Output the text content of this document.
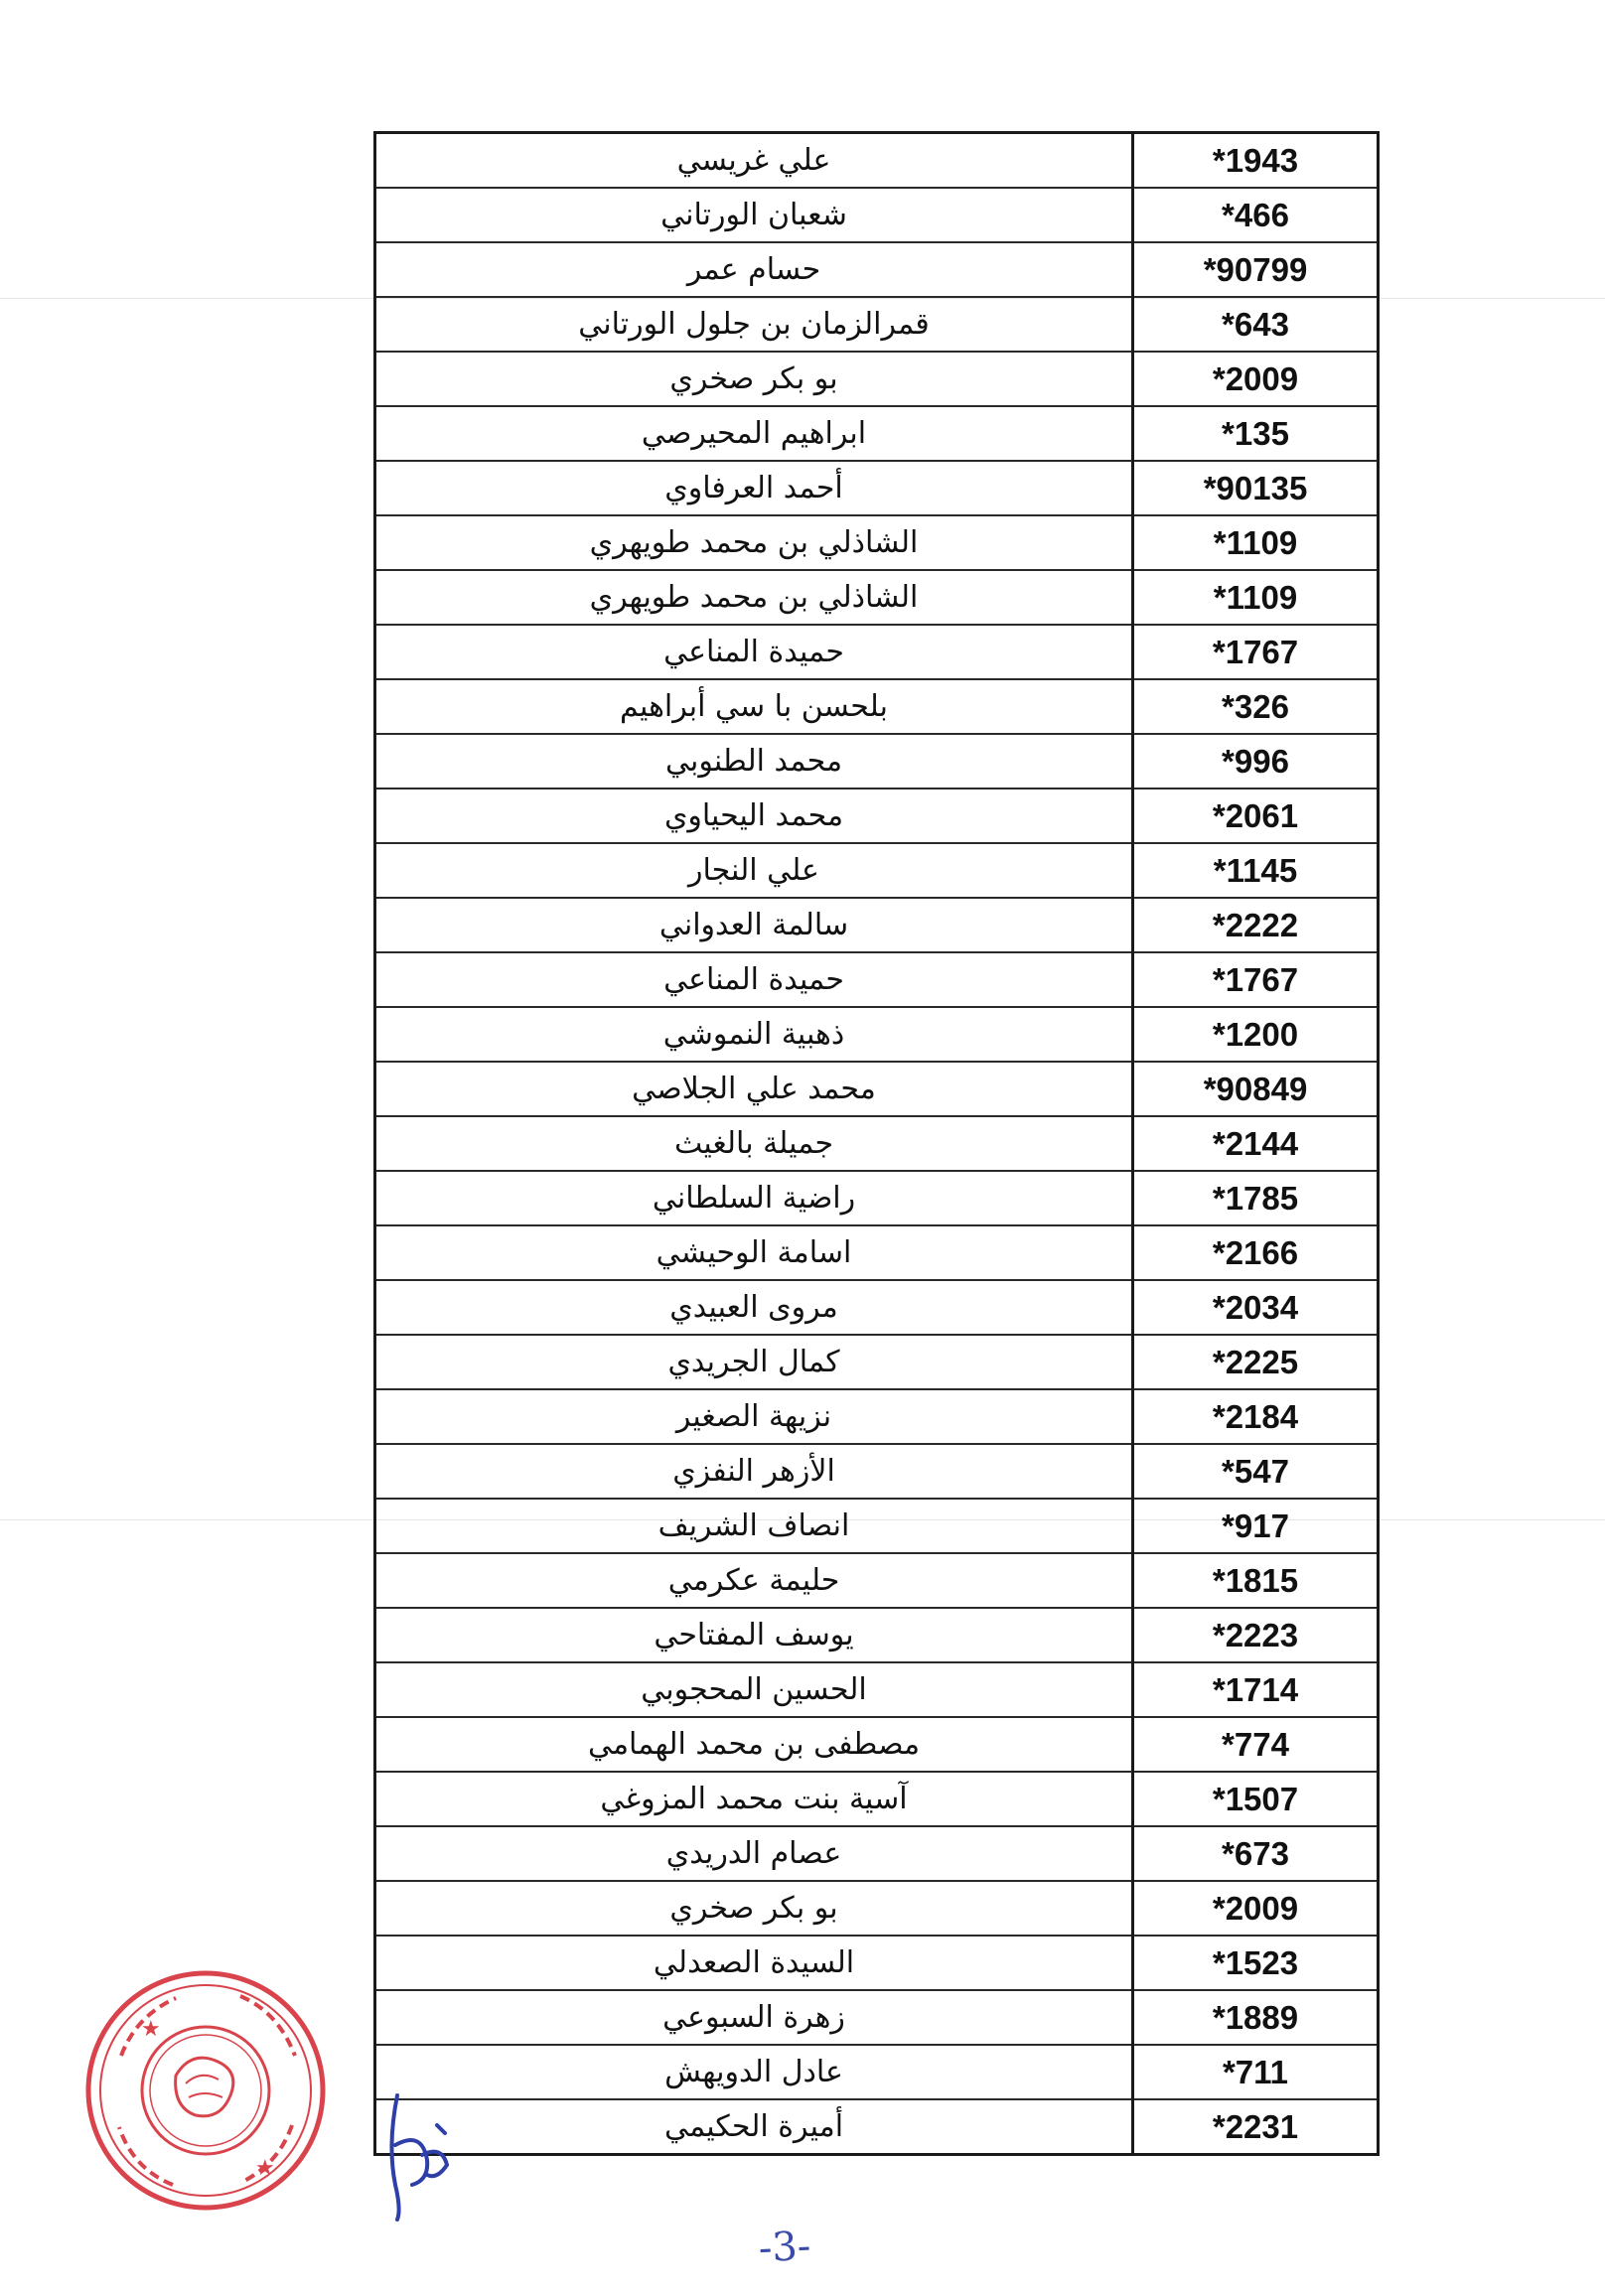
علي غريسي	1943*
شعبان الورتاني	466*
حسام عمر	90799*
قمرالزمان بن جلول الورتاني	643*
بو بكر صخري	2009*
ابراهيم المحيرصي	135*
أحمد العرفاوي	90135*
الشاذلي بن محمد طويهري	1109*
الشاذلي بن محمد طويهري	1109*
حميدة المناعي	1767*
بلحسن با سي أبراهيم	326*
محمد الطنوبي	996*
محمد اليحياوي	2061*
علي النجار	1145*
سالمة العدواني	2222*
حميدة المناعي	1767*
ذهبية النموشي	1200*
محمد علي الجلاصي	90849*
جميلة بالغيث	2144*
راضية السلطاني	1785*
اسامة الوحيشي	2166*
مروى العبيدي	2034*
كمال الجريدي	2225*
نزيهة الصغير	2184*
الأزهر النفزي	547*
انصاف الشريف	917*
حليمة عكرمي	1815*
يوسف المفتاحي	2223*
الحسين المحجوبي	1714*
مصطفى بن محمد الهمامي	774*
آسية بنت محمد المزوغي	1507*
عصام الدريدي	673*
بو بكر صخري	2009*
السيدة الصعدلي	1523*
زهرة السبوعي	1889*
عادل الدويهش	711*
أميرة الحكيمي	2231*
★
★
-3-
